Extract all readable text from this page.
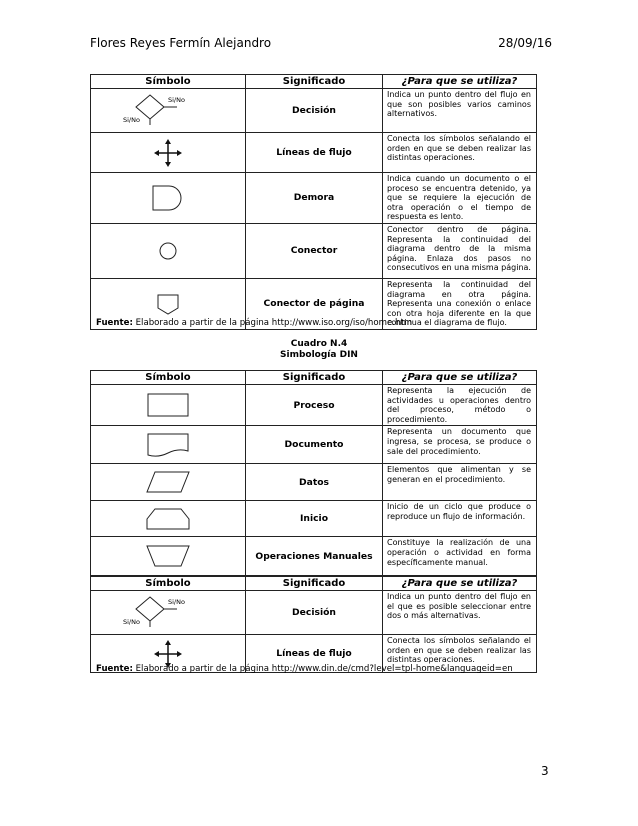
Flores Reyes Fermín Alejandro	28/09/16
Símbolo	Significado	¿Para que se utiliza?

Si/No
Si/No	Decisión	Indica un punto dentro del flujo en que son posibles varios caminos alternativos.

	Líneas de flujo	Conecta los símbolos señalando el orden en que se deben realizar las distintas operaciones.

	Demora	Indica cuando un documento o el proceso se encuentra detenido, ya que se requiere la ejecución de otra operación o el tiempo de respuesta es lento.

	Conector	Conector dentro de página. Representa la continuidad del diagrama dentro de la misma página. Enlaza dos pasos no consecutivos en una misma página.

	Conector de página	Representa la continuidad del diagrama en otra página. Representa una conexión o enlace con otra hoja diferente en la que continua el diagrama de flujo.
Fuente: Elaborado a partir de la página http://www.iso.org/iso/home.htm
Cuadro N.4
Simbología DIN
Símbolo	Significado	¿Para que se utiliza?

	Proceso	Representa la ejecución de actividades u operaciones dentro del proceso, método o procedimiento.

	Documento	Representa un documento que ingresa, se procesa, se produce o sale del procedimiento.

	Datos	Elementos que alimentan y se generan en el procedimiento.

	Inicio	Inicio de un ciclo que produce o reproduce un flujo de información.

	Operaciones Manuales	Constituye la realización de una operación o actividad en forma específicamente manual.
Símbolo	Significado	¿Para que se utiliza?

Si/No
Si/No	Decisión	Indica un punto dentro del flujo en el que es posible seleccionar entre dos o más alternativas.

	Líneas de flujo	Conecta los símbolos señalando el orden en que se deben realizar las distintas operaciones.
Fuente: Elaborado a partir de la página http://www.din.de/cmd?level=tpl-home&languageid=en
3
